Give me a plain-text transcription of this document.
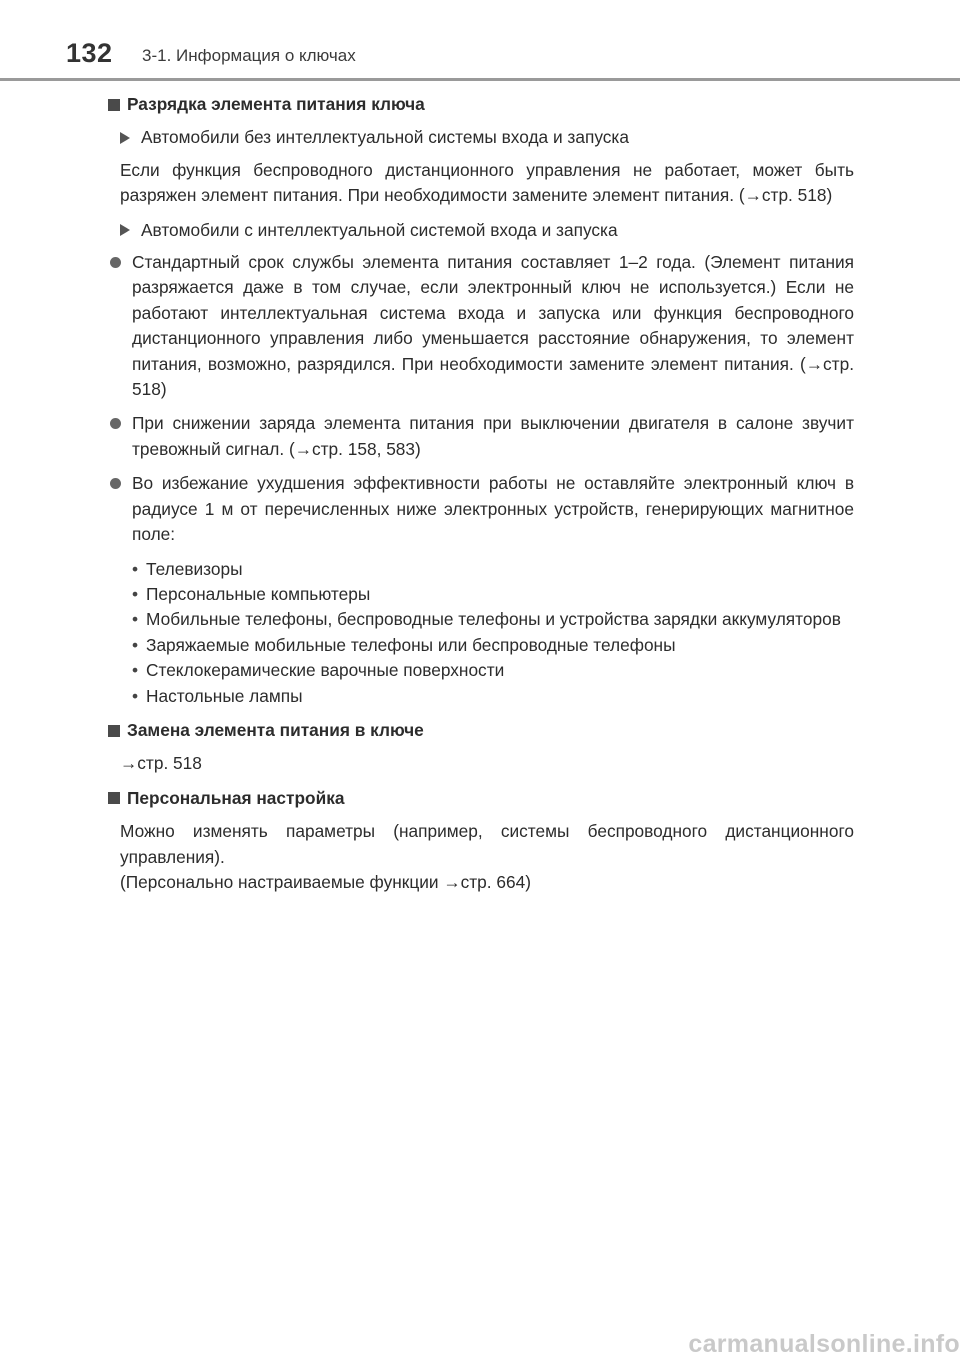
132 3-1. Информация о ключах
Разрядка элемента питания ключа
Автомобили без интеллектуальной системы входа и запуска
Если функция беспроводного дистанционного управления не работает, может быть разряжен элемент питания. При необходимости замените элемент питания. (→стр. 518)
Автомобили с интеллектуальной системой входа и запуска
Стандартный срок службы элемента питания составляет 1–2 года. (Элемент питания разряжается даже в том случае, если электронный ключ не используется.) Если не работают интеллектуальная система входа и запуска или функция беспроводного дистанционного управления либо уменьшается расстояние обнаружения, то элемент питания, возможно, разрядился. При необходимости замените элемент питания. (→стр. 518)
При снижении заряда элемента питания при выключении двигателя в салоне звучит тревожный сигнал. (→стр. 158, 583)
Во избежание ухудшения эффективности работы не оставляйте электронный ключ в радиусе 1 м от перечисленных ниже электронных устройств, генерирующих магнитное поле:
• Телевизоры
• Персональные компьютеры
• Мобильные телефоны, беспроводные телефоны и устройства зарядки аккумуляторов
• Заряжаемые мобильные телефоны или беспроводные телефоны
• Стеклокерамические варочные поверхности
• Настольные лампы
Замена элемента питания в ключе
→стр. 518
Персональная настройка
Можно изменять параметры (например, системы беспроводного дистанционного управления).
(Персонально настраиваемые функции →стр. 664)
carmanualsonline.info
